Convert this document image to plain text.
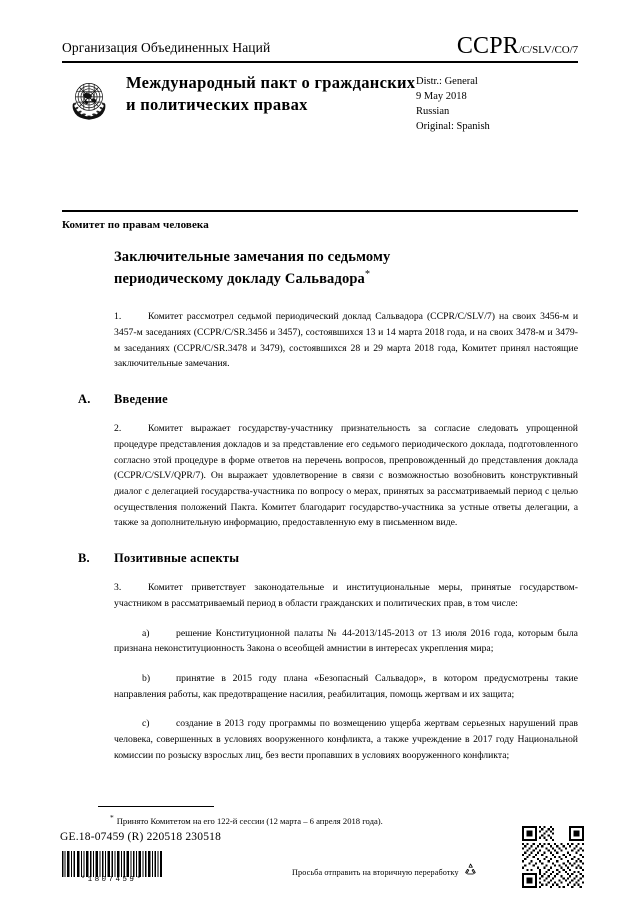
Организация Объединенных Наций	CCPR/C/SLV/CO/7
Международный пакт о гражданских и политических правах
Distr.: General
9 May 2018
Russian
Original: Spanish
Комитет по правам человека
Заключительные замечания по седьмому периодическому докладу Сальвадора*

1.	Комитет рассмотрел седьмой периодический доклад Сальвадора (CCPR/C/SLV/7) на своих 3456-м и 3457-м заседаниях (CCPR/C/SR.3456 и 3457), состоявшихся 13 и 14 марта 2018 года, и на своих 3478-м и 3479-м заседаниях (CCPR/C/SR.3478 и 3479), состоявшихся 28 и 29 марта 2018 года, Комитет принял настоящие заключительные замечания.

A. Введение

2.	Комитет выражает государству-участнику признательность за согласие следовать упрощенной процедуре представления докладов и за представление его седьмого периодического доклада, подготовленного согласно этой процедуре в форме ответов на перечень вопросов, препровожденный до представления доклада (CCPR/C/SLV/QPR/7). Он выражает удовлетворение в связи с возможностью возобновить конструктивный диалог с делегацией государства-участника по вопросу о мерах, принятых за рассматриваемый период с целью осуществления положений Пакта. Комитет благодарит государство-участника за устные ответы делегации, а также за дополнительную информацию, предоставленную ему в письменном виде.

B. Позитивные аспекты

3.	Комитет приветствует законодательные и институциональные меры, принятые государством-участником в рассматриваемый период в области гражданских и политических прав, в том числе:

a)	решение Конституционной палаты № 44-2013/145-2013 от 13 июля 2016 года, которым была признана неконституционность Закона о всеобщей амнистии в интересах укрепления мира;

b)	принятие в 2015 году плана «Безопасный Сальвадор», в котором предусмотрены такие направления работы, как предотвращение насилия, реабилитация, помощь жертвам и их защита;

c)	создание в 2013 году программы по возмещению ущерба жертвам серьезных нарушений прав человека, совершенных в условиях вооруженного конфликта, а также учреждение в 2017 году Национальной комиссии по розыску взрослых лиц, без вести пропавших в условиях вооруженного конфликта;

* Принято Комитетом на его 122-й сессии (12 марта – 6 апреля 2018 года).
GE.18-07459 (R) 220518 230518
*1807459*
Просьба отправить на вторичную переработку
